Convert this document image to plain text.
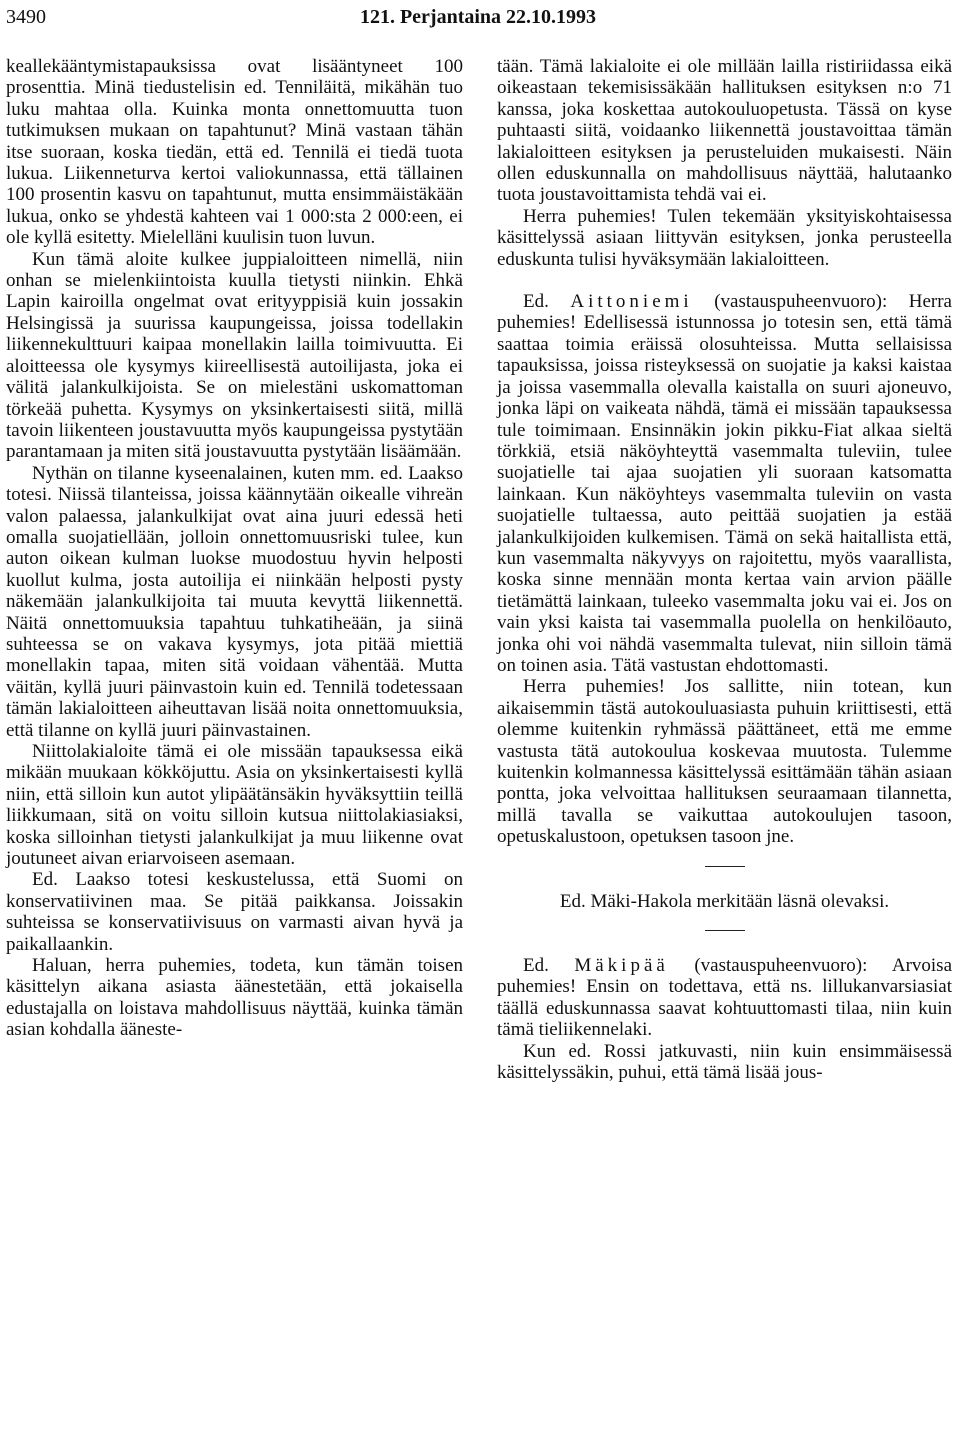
3490	121. Perjantaina 22.10.1993

keallekääntymistapauksissa ovat lisääntyneet 100 prosenttia. Minä tiedustelisin ed. Tenniläitä, mikähän tuo luku mahtaa olla. Kuinka monta onnettomuutta tuon tutkimuksen mukaan on tapahtunut? Minä vastaan tähän itse suoraan, koska tiedän, että ed. Tennilä ei tiedä tuota lukua. Liikenneturva kertoi valiokunnassa, että tällainen 100 prosentin kasvu on tapahtunut, mutta ensimmäistäkään lukua, onko se yhdestä kahteen vai 1 000:sta 2 000:een, ei ole kyllä esitetty. Mielelläni kuulisin tuon luvun.

Kun tämä aloite kulkee juppialoitteen nimellä, niin onhan se mielenkiintoista kuulla tietysti niinkin. Ehkä Lapin kairoilla ongelmat ovat erityyppisiä kuin jossakin Helsingissä ja suurissa kaupungeissa, joissa todellakin liikennekulttuuri kaipaa monellakin lailla toimivuutta. Ei aloitteessa ole kysymys kiireellisestä autoilijasta, joka ei välitä jalankulkijoista. Se on mielestäni uskomattoman törkeää puhetta. Kysymys on yksinkertaisesti siitä, millä tavoin liikenteen joustavuutta myös kaupungeissa pystytään parantamaan ja miten sitä joustavuutta pystytään lisäämään.

Nythän on tilanne kyseenalainen, kuten mm. ed. Laakso totesi. Niissä tilanteissa, joissa käännytään oikealle vihreän valon palaessa, jalankulkijat ovat aina juuri edessä heti omalla suojatiellään, jolloin onnettomuusriski tulee, kun auton oikean kulman luokse muodostuu hyvin helposti kuollut kulma, josta autoilija ei niinkään helposti pysty näkemään jalankulkijoita tai muuta kevyttä liikennettä. Näitä onnettomuuksia tapahtuu tuhkatiheään, ja siinä suhteessa se on vakava kysymys, jota pitää miettiä monellakin tapaa, miten sitä voidaan vähentää. Mutta väitän, kyllä juuri päinvastoin kuin ed. Tennilä todetessaan tämän lakialoitteen aiheuttavan lisää noita onnettomuuksia, että tilanne on kyllä juuri päinvastainen.

Niittolakialoite tämä ei ole missään tapauksessa eikä mikään muukaan kökköjuttu. Asia on yksinkertaisesti kyllä niin, että silloin kun autot ylipäätänsäkin hyväksyttiin teillä liikkumaan, sitä on voitu silloin kutsua niittolakiasiaksi, koska silloinhan tietysti jalankulkijat ja muu liikenne ovat joutuneet aivan eriarvoiseen asemaan.

Ed. Laakso totesi keskustelussa, että Suomi on konservatiivinen maa. Se pitää paikkansa. Joissakin suhteissa se konservatiivisuus on varmasti aivan hyvä ja paikallaankin.

Haluan, herra puhemies, todeta, kun tämän toisen käsittelyn aikana asiasta äänestetään, että jokaisella edustajalla on loistava mahdollisuus näyttää, kuinka tämän asian kohdalla ääneste-

tään. Tämä lakialoite ei ole millään lailla ristiriidassa eikä oikeastaan tekemisissäkään hallituksen esityksen n:o 71 kanssa, joka koskettaa autokouluopetusta. Tässä on kyse puhtaasti siitä, voidaanko liikennettä joustavoittaa tämän lakialoitteen esityksen ja perusteluiden mukaisesti. Näin ollen eduskunnalla on mahdollisuus näyttää, halutaanko tuota joustavoittamista tehdä vai ei.

Herra puhemies! Tulen tekemään yksityiskohtaisessa käsittelyssä asiaan liittyvän esityksen, jonka perusteella eduskunta tulisi hyväksymään lakialoitteen.

Ed. Aittoniemi (vastauspuheenvuoro): Herra puhemies! Edellisessä istunnossa jo totesin sen, että tämä saattaa toimia eräissä olosuhteissa. Mutta sellaisissa tapauksissa, joissa risteyksessä on suojatie ja kaksi kaistaa ja joissa vasemmalla olevalla kaistalla on suuri ajoneuvo, jonka läpi on vaikeata nähdä, tämä ei missään tapauksessa tule toimimaan. Ensinnäkin jokin pikku-Fiat alkaa sieltä törkkiä, etsiä näköyhteyttä vasemmalta tuleviin, tulee suojatielle tai ajaa suojatien yli suoraan katsomatta lainkaan. Kun näköyhteys vasemmalta tuleviin on vasta suojatielle tultaessa, auto peittää suojatien ja estää jalankulkijoiden kulkemisen. Tämä on sekä haitallista että, kun vasemmalta näkyvyys on rajoitettu, myös vaarallista, koska sinne mennään monta kertaa vain arvion päälle tietämättä lainkaan, tuleeko vasemmalta joku vai ei. Jos on vain yksi kaista tai vasemmalla puolella on henkilöauto, jonka ohi voi nähdä vasemmalta tulevat, niin silloin tämä on toinen asia. Tätä vastustan ehdottomasti.

Herra puhemies! Jos sallitte, niin totean, kun aikaisemmin tästä autokouluasiasta puhuin kriittisesti, että olemme kuitenkin ryhmässä päättäneet, että me emme vastusta tätä autokoulua koskevaa muutosta. Tulemme kuitenkin kolmannessa käsittelyssä esittämään tähän asiaan pontta, joka velvoittaa hallituksen seuraamaan tilannetta, millä tavalla se vaikuttaa autokoulujen tasoon, opetuskalustoon, opetuksen tasoon jne.

Ed. Mäki-Hakola merkitään läsnä olevaksi.

Ed. Mäkipää (vastauspuheenvuoro): Arvoisa puhemies! Ensin on todettava, että ns. lillukanvarsiasiat täällä eduskunnassa saavat kohtuuttomasti tilaa, niin kuin tämä tieliikennelaki.

Kun ed. Rossi jatkuvasti, niin kuin ensimmäisessä käsittelyssäkin, puhui, että tämä lisää jous-
